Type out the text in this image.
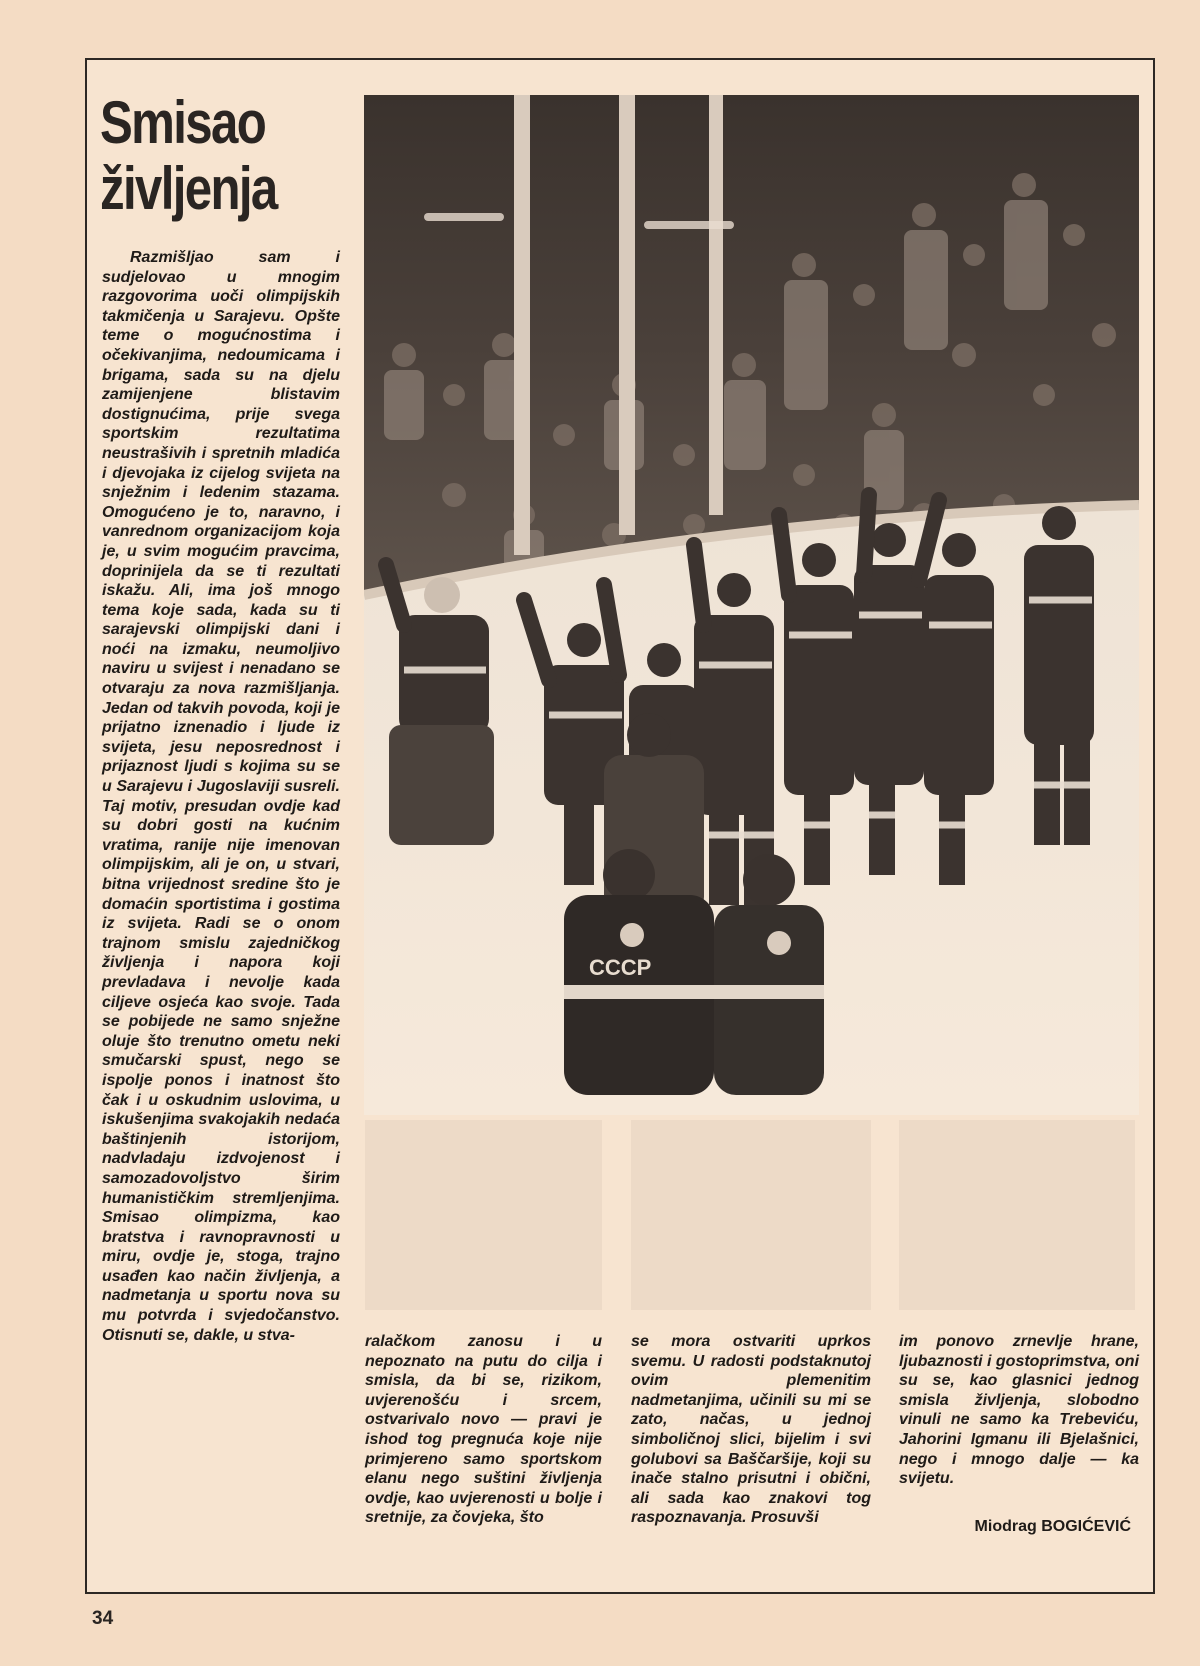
Smisao
življenja

Razmišljao sam i sudjelovao u mnogim razgovorima uoči olimpijskih takmičenja u Sarajevu. Opšte teme o mogućnostima i očekivanjima, nedoumicama i brigama, sada su na djelu zamijenjene blistavim dostignućima, prije svega sportskim rezultatima neustrašivih i spretnih mladića i djevojaka iz cijelog svijeta na snježnim i ledenim stazama. Omogućeno je to, naravno, i vanrednom organizacijom koja je, u svim mogućim pravcima, doprinijela da se ti rezultati iskažu. Ali, ima još mnogo tema koje sada, kada su ti sarajevski olimpijski dani i noći na izmaku, neumoljivo naviru u svijest i nenadano se otvaraju za nova razmišljanja. Jedan od takvih povoda, koji je prijatno iznenadio i ljude iz svijeta, jesu neposrednost i prijaznost ljudi s kojima su se u Sarajevu i Jugoslaviji susreli. Taj motiv, presudan ovdje kad su dobri gosti na kućnim vratima, ranije nije imenovan olimpijskim, ali je on, u stvari, bitna vrijednost sredine što je domaćin sportistima i gostima iz svijeta. Radi se o onom trajnom smislu zajedničkog življenja i napora koji prevladava i nevolje kada ciljeve osjeća kao svoje. Tada se pobijede ne samo snježne oluje što trenutno ometu neki smučarski spust, nego se ispolje ponos i inatnost što čak i u oskudnim uslovima, u iskušenjima svakojakih nedaća baštinjenih istorijom, nadvladaju izdvojenost i samozadovoljstvo širim humanističkim stremljenjima. Smisao olimpizma, kao bratstva i ravnopravnosti u miru, ovdje je, stoga, trajno usađen kao način življenja, a nadmetanja u sportu nova su mu potvrda i svjedočanstvo. Otisnuti se, dakle, u stva-

CCCP

ralačkom zanosu i u nepoznato na putu do cilja i smisla, da bi se, rizikom, uvjerenošću i srcem, ostvarivalo novo — pravi je ishod tog pregnuća koje nije primjereno samo sportskom elanu nego suštini življenja ovdje, kao uvjerenosti u bolje i sretnije, za čovjeka, što

se mora ostvariti uprkos svemu. U radosti podstaknutoj ovim plemenitim nadmetanjima, učinili su mi se zato, načas, u jednoj simboličnoj slici, bijelim i svi golubovi sa Baščaršije, koji su inače stalno prisutni i obični, ali sada kao znakovi tog raspoznavanja. Prosuvši

im ponovo zrnevlje hrane, ljubaznosti i gostoprimstva, oni su se, kao glasnici jednog smisla življenja, slobodno vinuli ne samo ka Trebeviću, Jahorini Igmanu ili Bjelašnici, nego i mnogo dalje — ka svijetu.

Miodrag BOGIĆEVIĆ

34
